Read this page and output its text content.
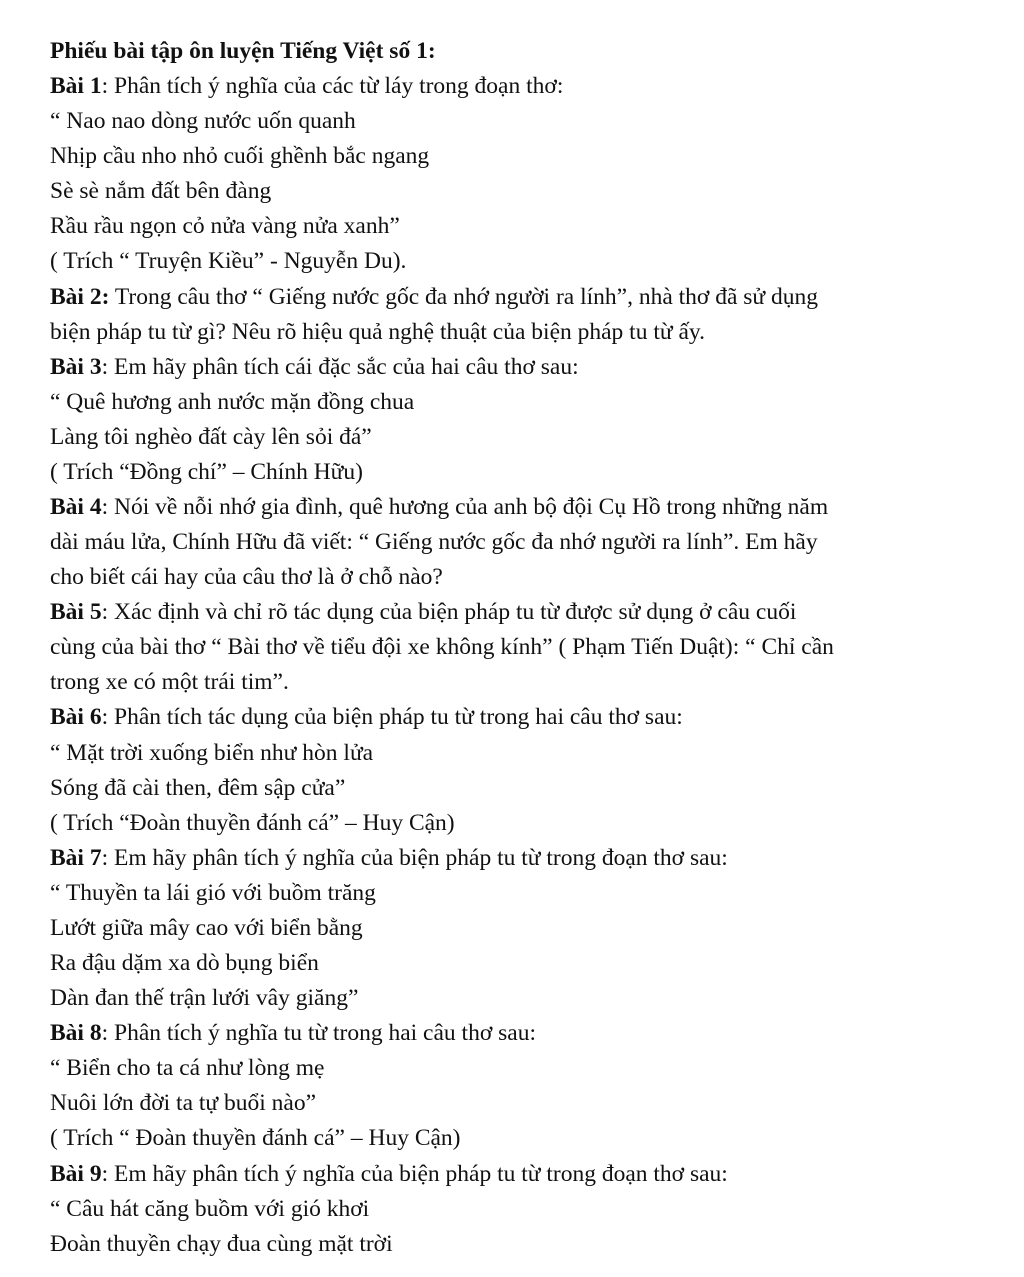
Phiếu bài tập ôn luyện Tiếng Việt số 1:
Bài 1: Phân tích ý nghĩa của các từ láy trong đoạn thơ:
“ Nao nao dòng nước uốn quanh
Nhịp cầu nho nhỏ cuối ghềnh bắc ngang
Sè sè nắm đất bên đàng
Rầu rầu ngọn cỏ nửa vàng nửa xanh”
( Trích “ Truyện Kiều” - Nguyễn Du).
Bài 2: Trong câu thơ “ Giếng nước gốc đa nhớ người ra lính”, nhà thơ đã sử dụng
biện pháp tu từ gì? Nêu rõ hiệu quả nghệ thuật của biện pháp tu từ ấy.
Bài 3: Em hãy phân tích cái đặc sắc của hai câu thơ sau:
“ Quê hương anh nước mặn đồng chua
Làng tôi nghèo đất cày lên sỏi đá”
( Trích “Đồng chí” – Chính Hữu)
Bài 4: Nói về nỗi nhớ gia đình, quê hương của anh bộ đội Cụ Hồ trong những năm
dài máu lửa, Chính Hữu đã viết: “ Giếng nước gốc đa nhớ người ra lính”. Em hãy
cho biết cái hay của câu thơ là ở chỗ nào?
Bài 5: Xác định và chỉ rõ tác dụng của biện pháp tu từ được sử dụng ở câu cuối
cùng của bài thơ “ Bài thơ về tiểu đội xe không kính” ( Phạm Tiến Duật): “ Chỉ cần
trong xe có một trái tim”.
Bài 6: Phân tích tác dụng của biện pháp tu từ trong hai câu thơ sau:
“ Mặt trời xuống biển như hòn lửa
Sóng đã cài then, đêm sập cửa”
( Trích “Đoàn thuyền đánh cá” – Huy Cận)
Bài 7: Em hãy phân tích ý nghĩa của biện pháp tu từ trong đoạn thơ sau:
“ Thuyền ta lái gió với buồm trăng
Lướt giữa mây cao với biển bằng
Ra đậu dặm xa dò bụng biển
Dàn đan thế trận lưới vây giăng”
Bài 8: Phân tích ý nghĩa tu từ trong hai câu thơ sau:
“ Biển cho ta cá như lòng mẹ
Nuôi lớn đời ta tự buổi nào”
( Trích “ Đoàn thuyền đánh cá” – Huy Cận)
Bài 9: Em hãy phân tích ý nghĩa của biện pháp tu từ trong đoạn thơ sau:
“ Câu hát căng buồm với gió khơi
Đoàn thuyền chạy đua cùng mặt trời
